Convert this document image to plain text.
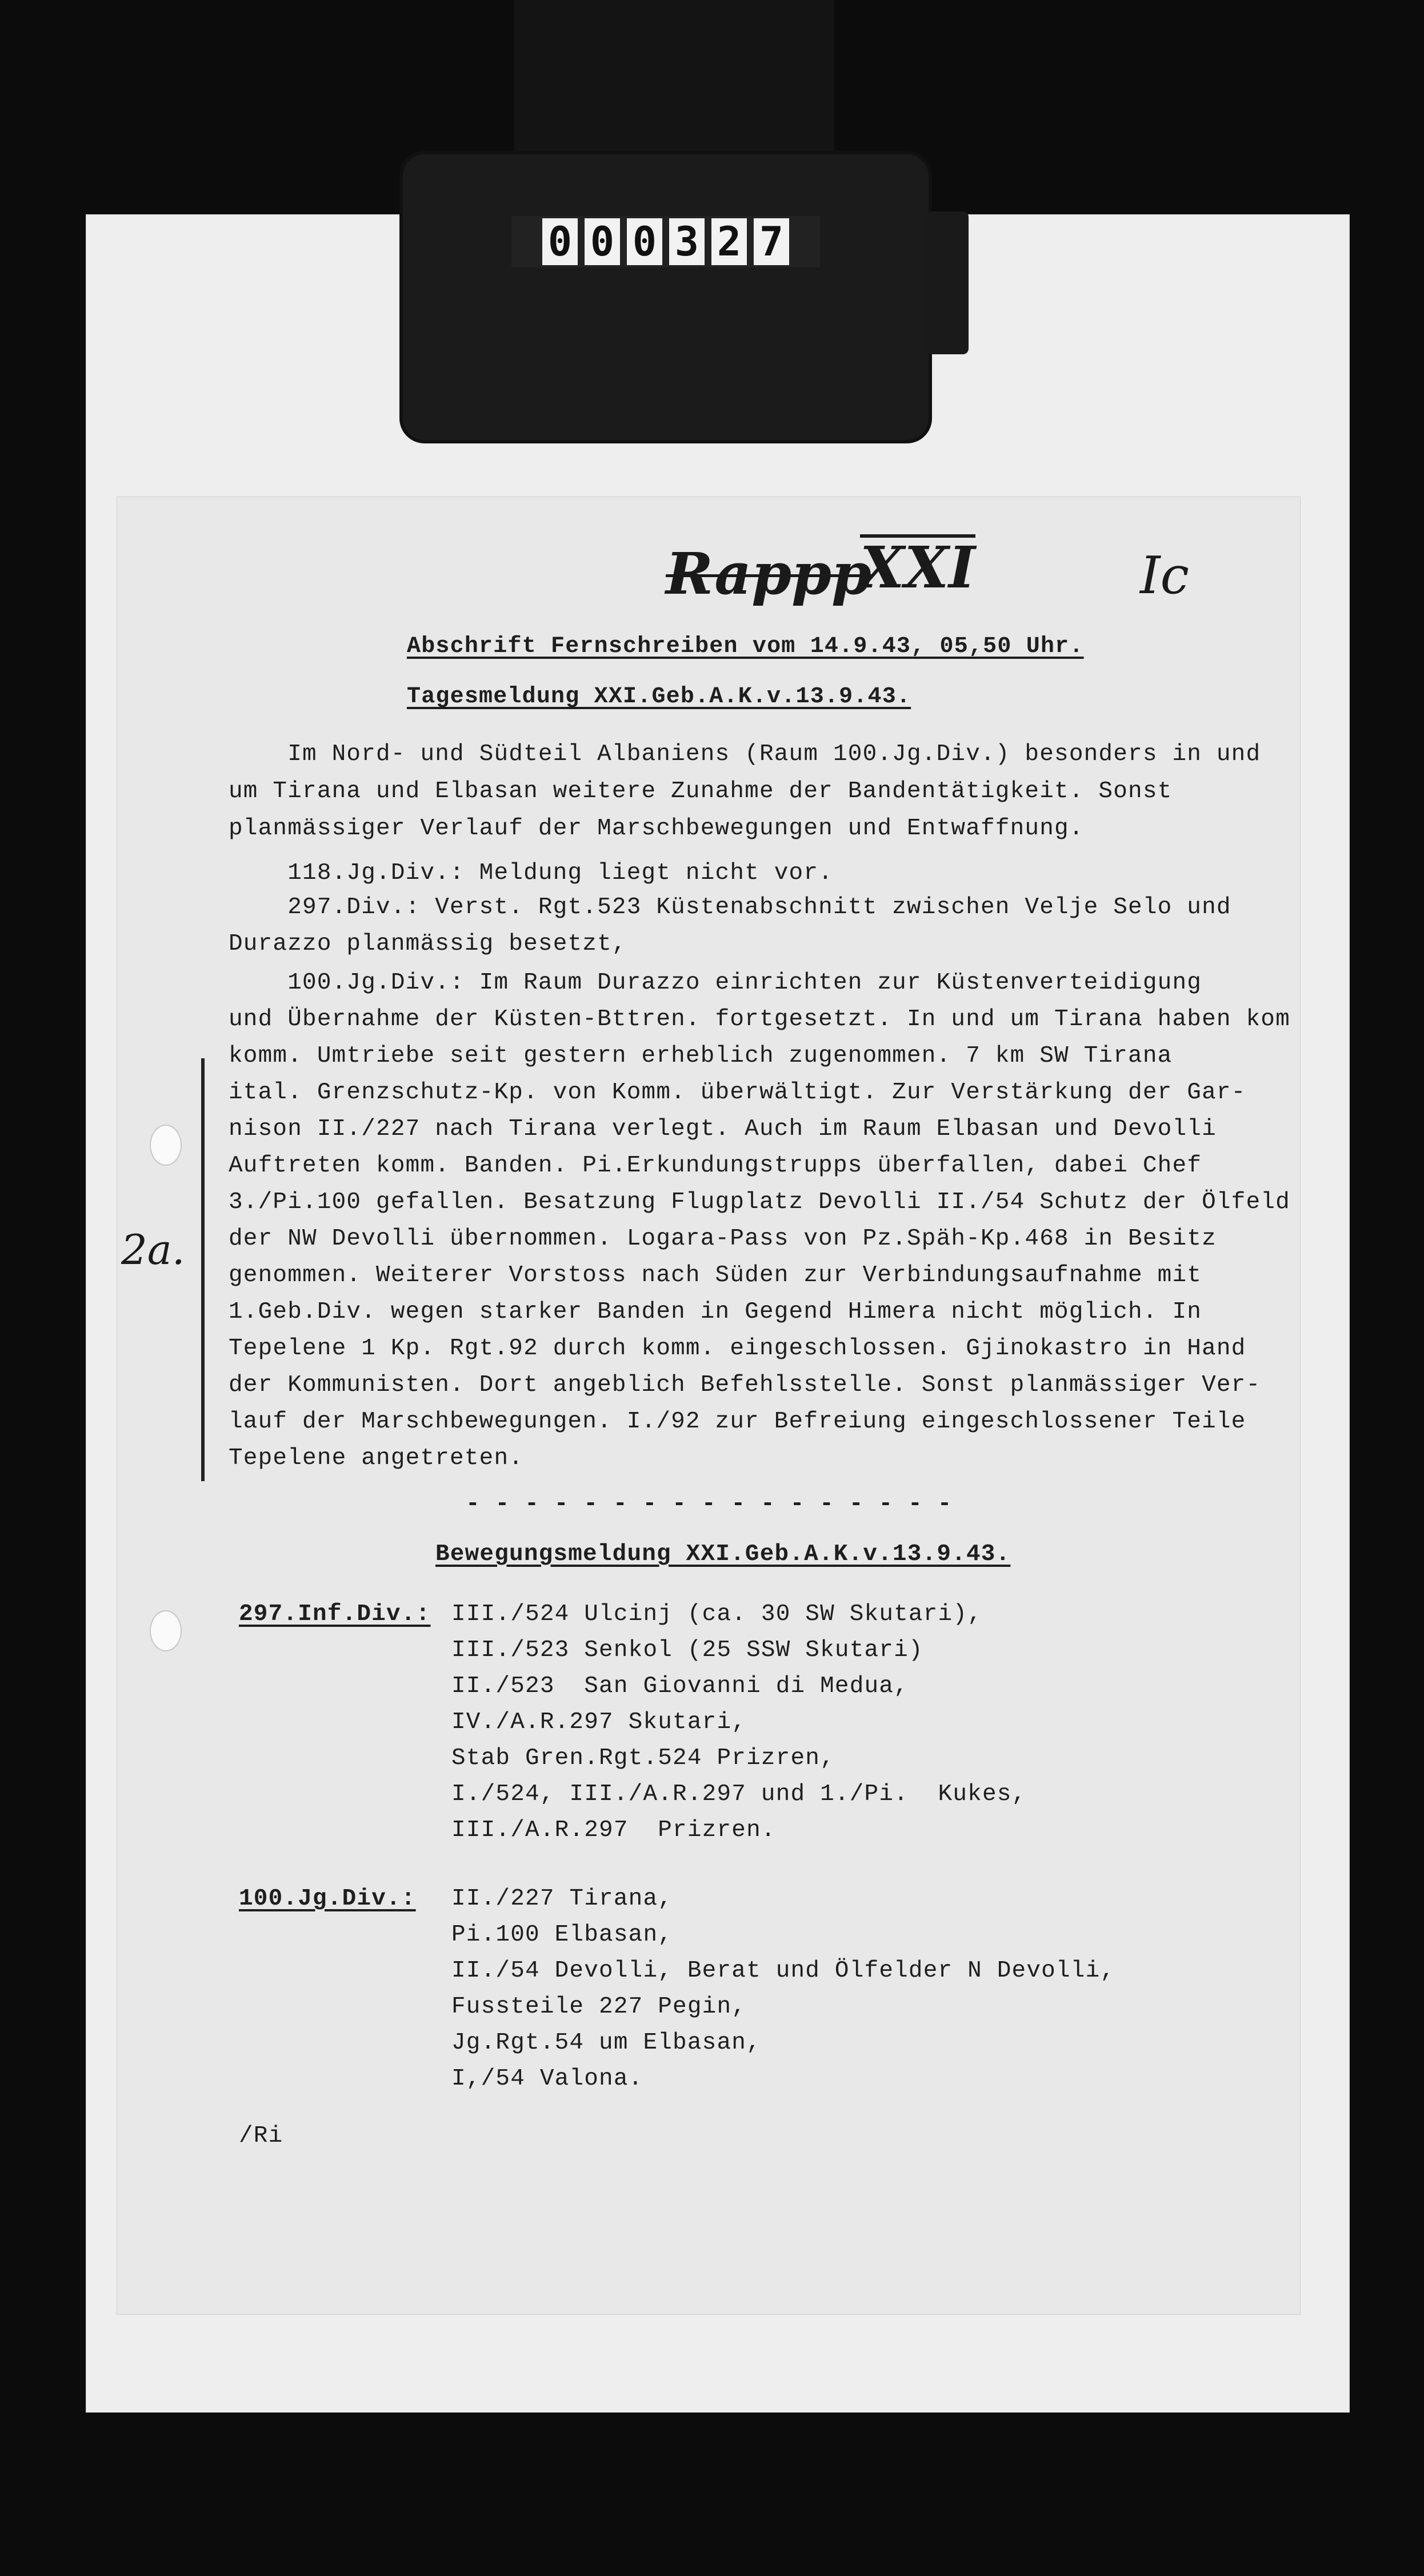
0 0 0 3 2 7
Rappp
XXI	Ic
2a.
Abschrift Fernschreiben vom 14.9.43, 05,50 Uhr.
Tagesmeldung XXI.Geb.A.K.v.13.9.43.
Im Nord- und Südteil Albaniens (Raum 100.Jg.Div.) besonders in und
um Tirana und Elbasan weitere Zunahme der Bandentätigkeit. Sonst
planmässiger Verlauf der Marschbewegungen und Entwaffnung.
118.Jg.Div.: Meldung liegt nicht vor.
297.Div.: Verst. Rgt.523 Küstenabschnitt zwischen Velje Selo und
Durazzo planmässig besetzt,
100.Jg.Div.: Im Raum Durazzo einrichten zur Küstenverteidigung
und Übernahme der Küsten-Bttren. fortgesetzt. In und um Tirana haben kom
komm. Umtriebe seit gestern erheblich zugenommen. 7 km SW Tirana
ital. Grenzschutz-Kp. von Komm. überwältigt. Zur Verstärkung der Gar-
nison II./227 nach Tirana verlegt. Auch im Raum Elbasan und Devolli
Auftreten komm. Banden. Pi.Erkundungstrupps überfallen, dabei Chef
3./Pi.100 gefallen. Besatzung Flugplatz Devolli II./54 Schutz der Ölfeld
der NW Devolli übernommen. Logara-Pass von Pz.Späh-Kp.468 in Besitz
genommen. Weiterer Vorstoss nach Süden zur Verbindungsaufnahme mit
1.Geb.Div. wegen starker Banden in Gegend Himera nicht möglich. In
Tepelene 1 Kp. Rgt.92 durch komm. eingeschlossen. Gjinokastro in Hand
der Kommunisten. Dort angeblich Befehlsstelle. Sonst planmässiger Ver-
lauf der Marschbewegungen. I./92 zur Befreiung eingeschlossener Teile
Tepelene angetreten.
- - - - - - - - - - - - - - - - -
Bewegungsmeldung XXI.Geb.A.K.v.13.9.43.
297.Inf.Div.: III./524 Ulcinj (ca. 30 SW Skutari),
III./523 Senkol (25 SSW Skutari)
II./523  San Giovanni di Medua,
IV./A.R.297 Skutari,
Stab Gren.Rgt.524 Prizren,
I./524, III./A.R.297 und 1./Pi.  Kukes,
III./A.R.297  Prizren.
100.Jg.Div.: II./227 Tirana,
Pi.100 Elbasan,
II./54 Devolli, Berat und Ölfelder N Devolli,
Fussteile 227 Pegin,
Jg.Rgt.54 um Elbasan,
I,/54 Valona.
/Ri
